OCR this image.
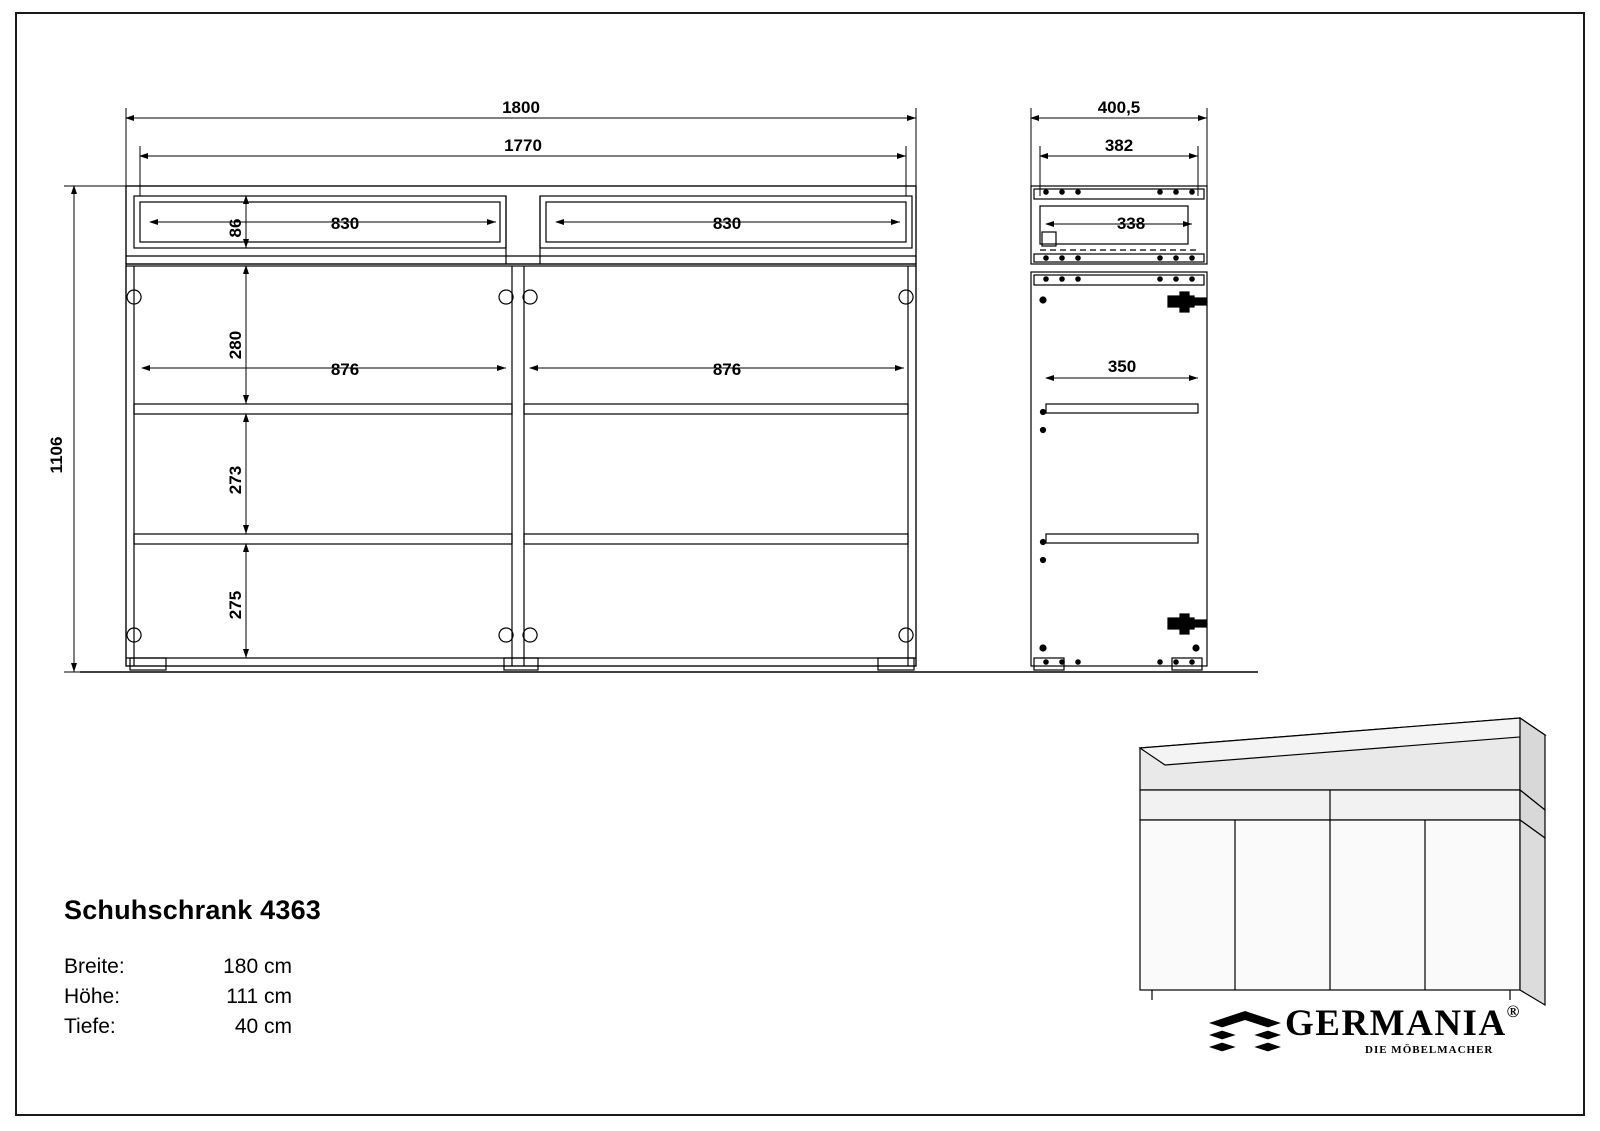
1800
1770
830	830
86
1106
280
273
275
876	876
400,5
382
338
350
Schuhschrank 4363
Breite:	180 cm
Höhe:	111 cm
Tiefe:	40 cm	GERMANIA®
DIE MÖBELMACHER
